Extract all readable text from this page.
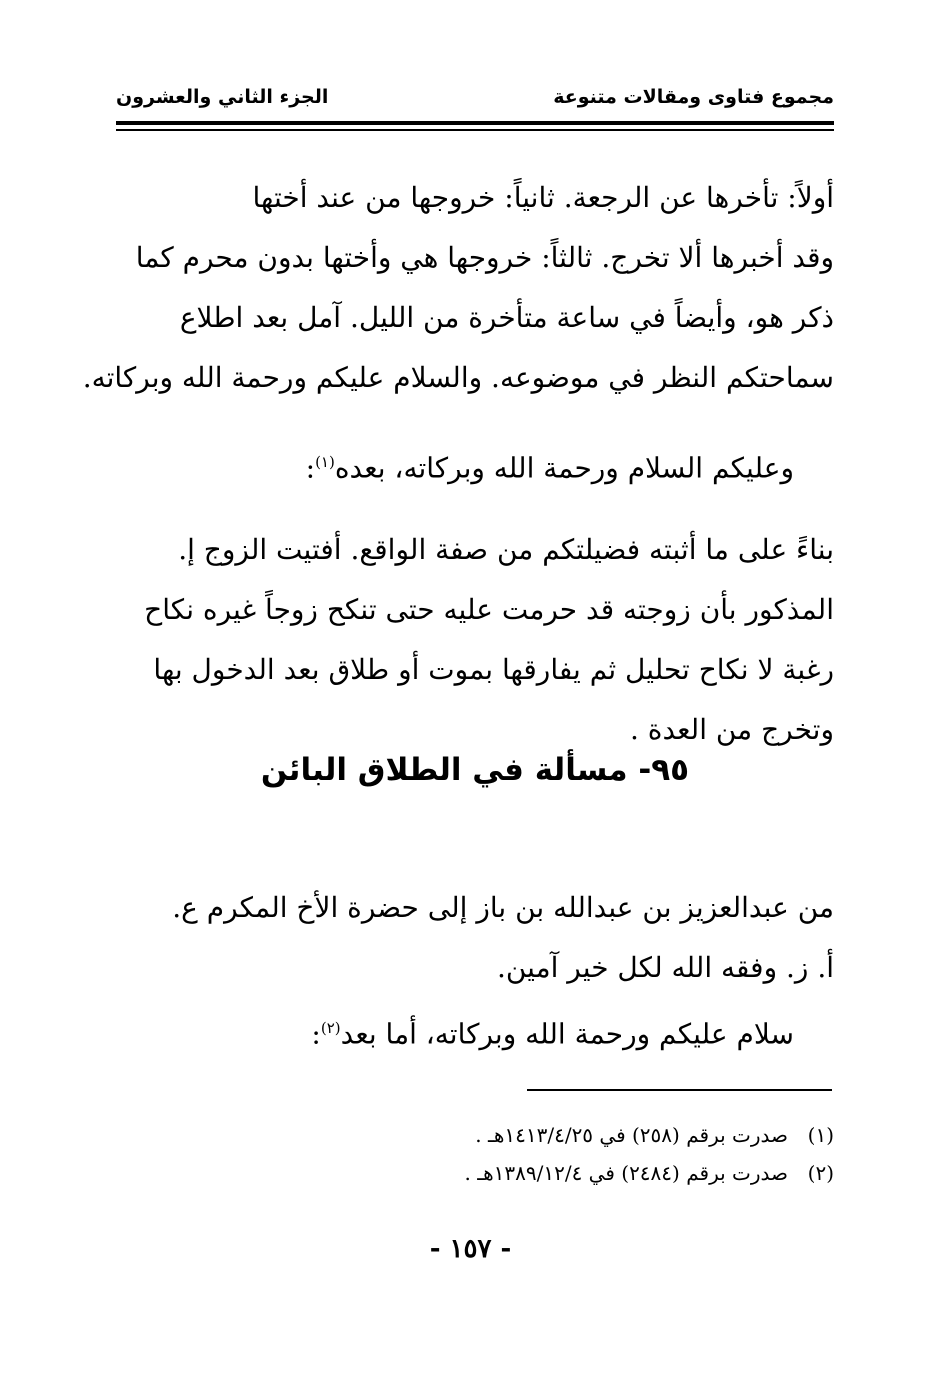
مجموع فتاوى ومقالات متنوعة
الجزء الثاني والعشرون
أولاً: تأخرها عن الرجعة. ثانياً: خروجها من عند أختها
وقد أخبرها ألا تخرج. ثالثاً: خروجها هي وأختها بدون محرم كما
ذكر هو، وأيضاً في ساعة متأخرة من الليل. آمل بعد اطلاع
سماحتكم النظر في موضوعه. والسلام عليكم ورحمة الله وبركاته.
وعليكم السلام ورحمة الله وبركاته، بعده$^{(١)}$:
بناءً على ما أثبته فضيلتكم من صفة الواقع. أفتيت الزوج إ.
المذكور بأن زوجته قد حرمت عليه حتى تنكح زوجاً غيره نكاح
رغبة لا نكاح تحليل ثم يفارقها بموت أو طلاق بعد الدخول بها
وتخرج من العدة .
٩٥- مسألة في الطلاق البائن
من عبدالعزيز بن عبدالله بن باز إلى حضرة الأخ المكرم ع.
أ. ز. وفقه الله لكل خير آمين.
سلام عليكم ورحمة الله وبركاته، أما بعد$^{(٢)}$:
(١)صدرت برقم (٢٥٨) في ١٤١٣/٤/٢٥هـ .
(٢)صدرت برقم (٢٤٨٤) في ١٣٨٩/١٢/٤هـ .
- ١٥٧ -
